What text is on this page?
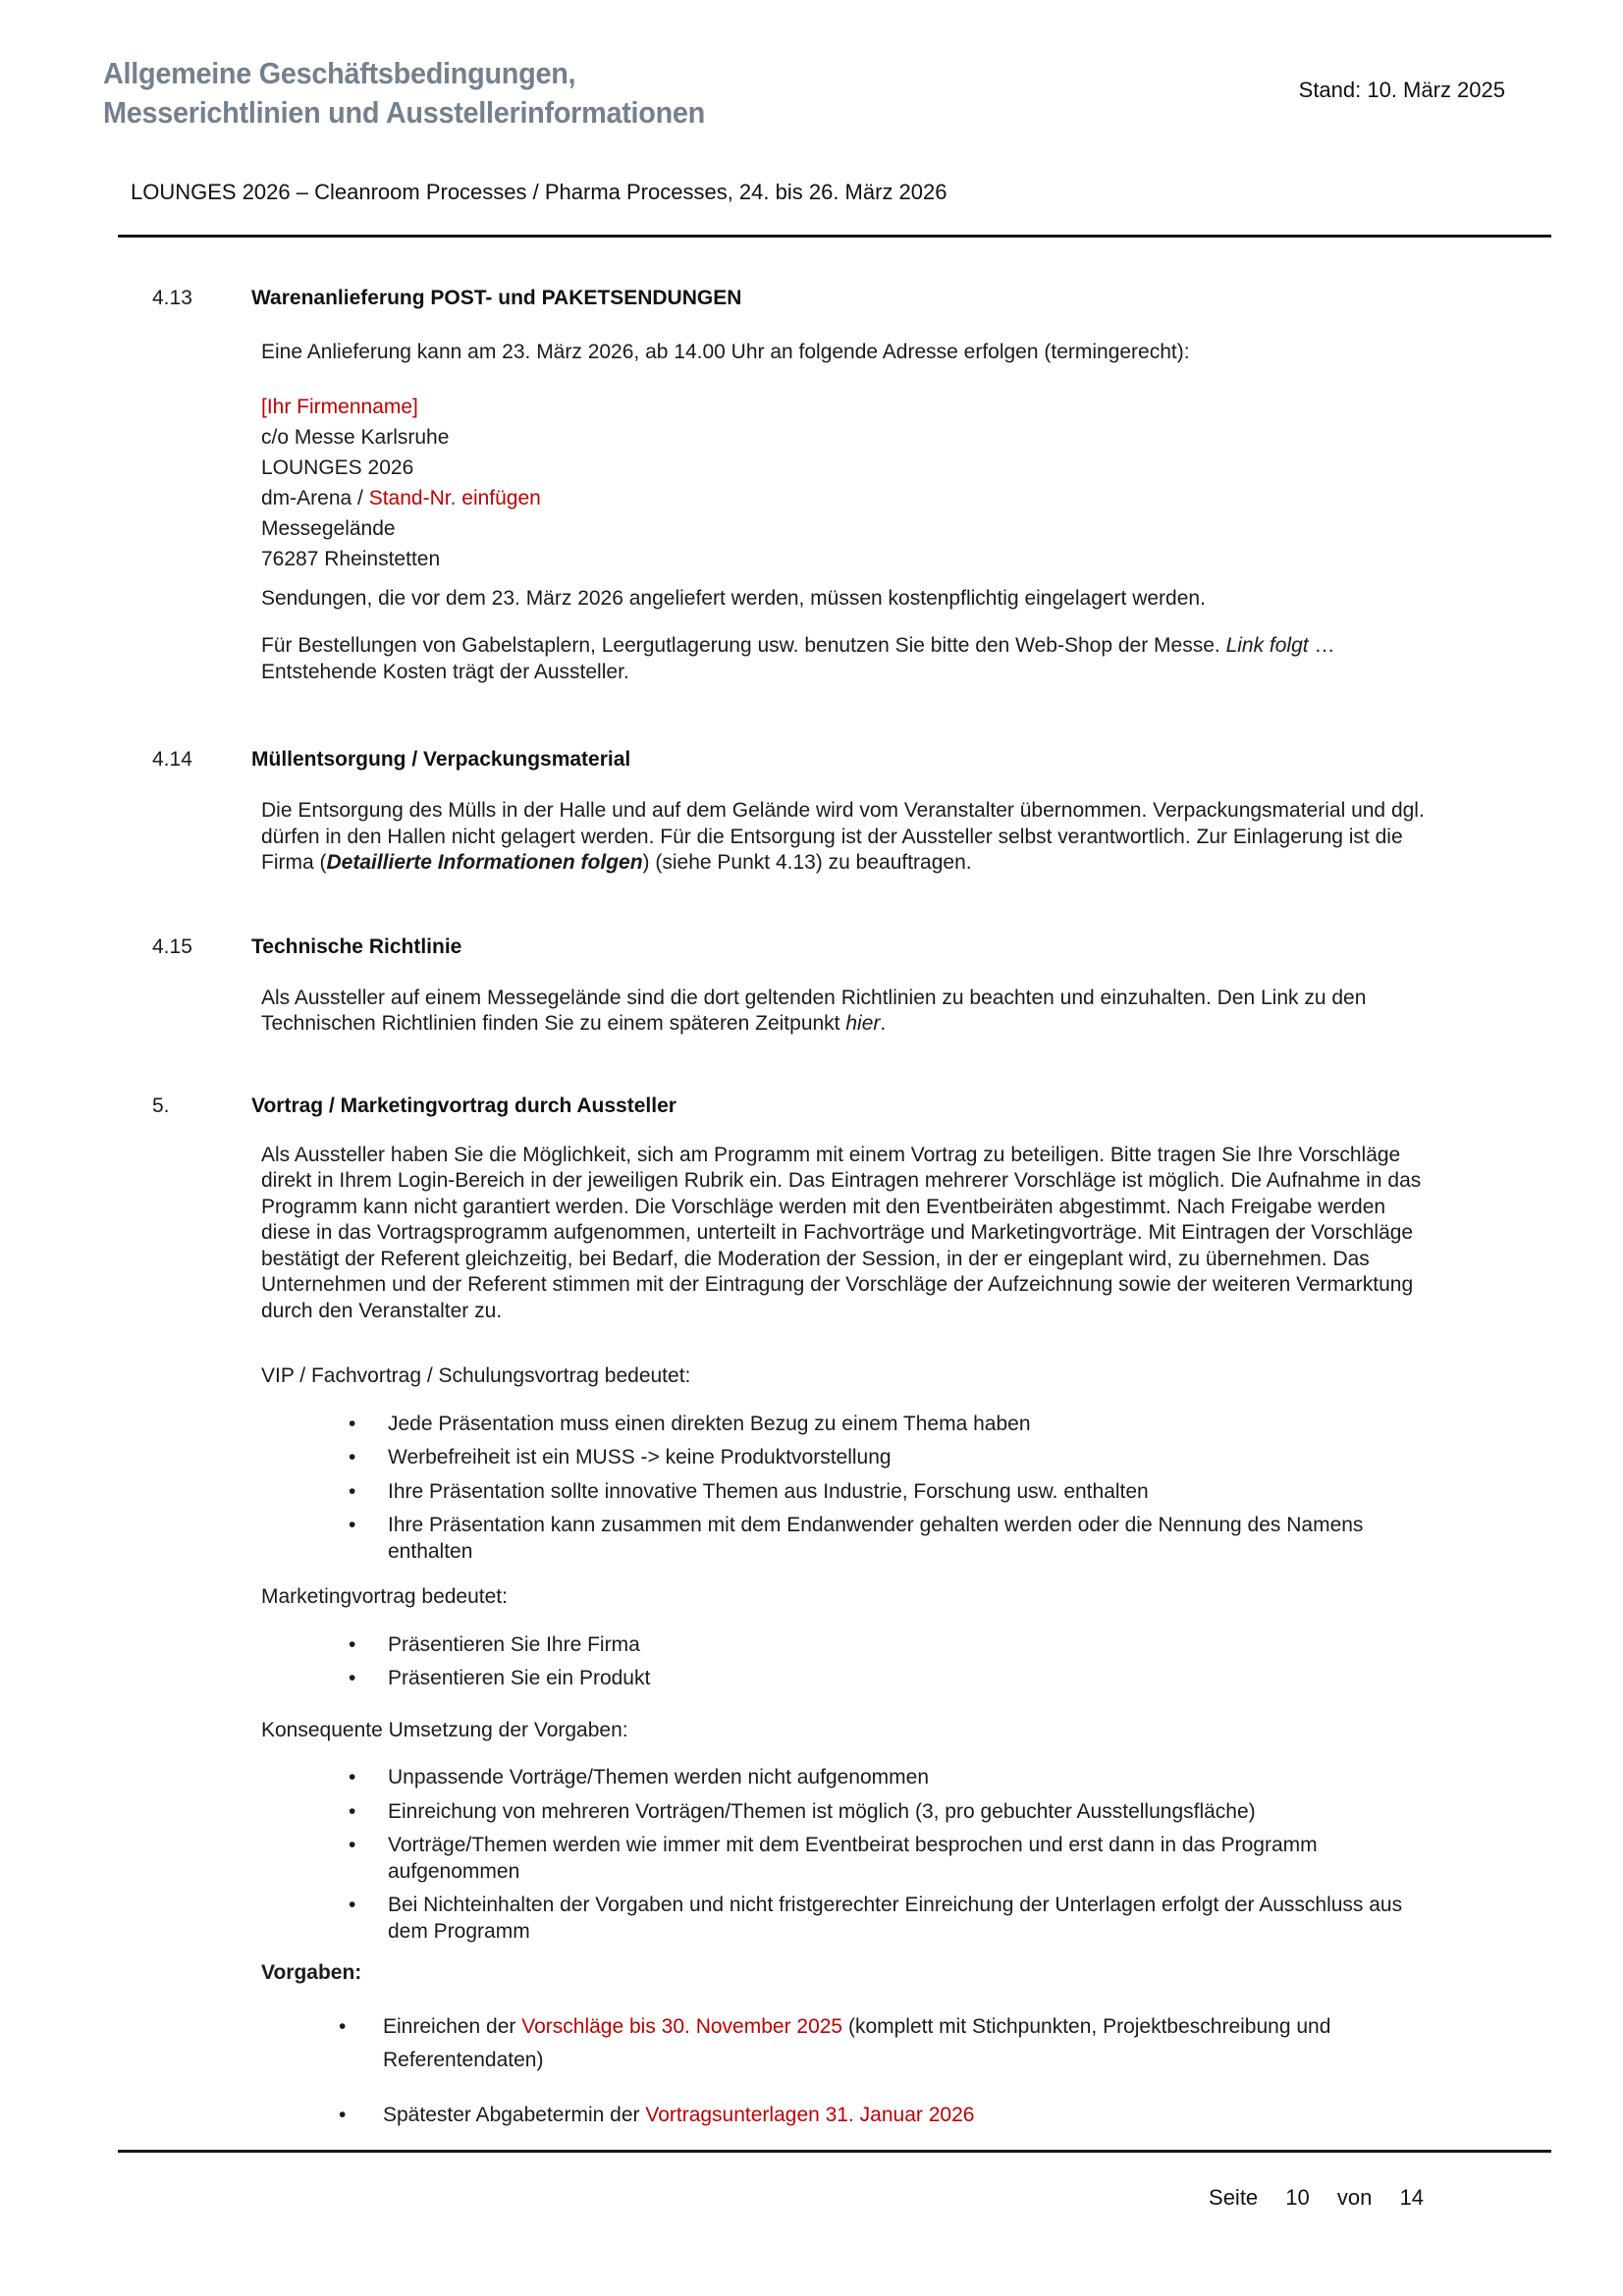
Allgemeine Geschäftsbedingungen,
Messerichtlinien und Ausstellerinformationen
Stand: 10. März 2025
LOUNGES 2026 – Cleanroom Processes / Pharma Processes, 24. bis 26. März 2026
4.13	Warenanlieferung POST- und PAKETSENDUNGEN

Eine Anlieferung kann am 23. März 2026, ab 14.00 Uhr an folgende Adresse erfolgen (termingerecht):

[Ihr Firmenname]

c/o Messe Karlsruhe

LOUNGES 2026

dm-Arena / Stand-Nr. einfügen

Messegelände

76287 Rheinstetten

Sendungen, die vor dem 23. März 2026 angeliefert werden, müssen kostenpflichtig eingelagert werden.

Für Bestellungen von Gabelstaplern, Leergutlagerung usw. benutzen Sie bitte den Web-Shop der Messe. Link folgt … Entstehende Kosten trägt der Aussteller.

4.14	Müllentsorgung / Verpackungsmaterial

Die Entsorgung des Mülls in der Halle und auf dem Gelände wird vom Veranstalter übernommen. Verpackungsmaterial und dgl. dürfen in den Hallen nicht gelagert werden. Für die Entsorgung ist der Aussteller selbst verantwortlich. Zur Einlagerung ist die Firma (Detaillierte Informationen folgen) (siehe Punkt 4.13) zu beauftragen.

4.15	Technische Richtlinie

Als Aussteller auf einem Messegelände sind die dort geltenden Richtlinien zu beachten und einzuhalten. Den Link zu den Technischen Richtlinien finden Sie zu einem späteren Zeitpunkt hier.

5.	Vortrag / Marketingvortrag durch Aussteller

Als Aussteller haben Sie die Möglichkeit, sich am Programm mit einem Vortrag zu beteiligen. Bitte tragen Sie Ihre Vorschläge direkt in Ihrem Login-Bereich in der jeweiligen Rubrik ein. Das Eintragen mehrerer Vorschläge ist möglich. Die Aufnahme in das Programm kann nicht garantiert werden. Die Vorschläge werden mit den Eventbeiräten abgestimmt. Nach Freigabe werden diese in das Vortragsprogramm aufgenommen, unterteilt in Fachvorträge und Marketingvorträge. Mit Eintragen der Vorschläge bestätigt der Referent gleichzeitig, bei Bedarf, die Moderation der Session, in der er eingeplant wird, zu übernehmen. Das Unternehmen und der Referent stimmen mit der Eintragung der Vorschläge der Aufzeichnung sowie der weiteren Vermarktung durch den Veranstalter zu.

VIP / Fachvortrag / Schulungsvortrag bedeutet:

• Jede Präsentation muss einen direkten Bezug zu einem Thema haben
• Werbefreiheit ist ein MUSS -> keine Produktvorstellung
• Ihre Präsentation sollte innovative Themen aus Industrie, Forschung usw. enthalten
• Ihre Präsentation kann zusammen mit dem Endanwender gehalten werden oder die Nennung des Namens enthalten

Marketingvortrag bedeutet:

• Präsentieren Sie Ihre Firma
• Präsentieren Sie ein Produkt

Konsequente Umsetzung der Vorgaben:

• Unpassende Vorträge/Themen werden nicht aufgenommen
• Einreichung von mehreren Vorträgen/Themen ist möglich (3, pro gebuchter Ausstellungsfläche)
• Vorträge/Themen werden wie immer mit dem Eventbeirat besprochen und erst dann in das Programm aufgenommen
• Bei Nichteinhalten der Vorgaben und nicht fristgerechter Einreichung der Unterlagen erfolgt der Ausschluss aus dem Programm

Vorgaben:

• Einreichen der Vorschläge bis 30. November 2025 (komplett mit Stichpunkten, Projektbeschreibung und Referentendaten)
• Spätester Abgabetermin der Vortragsunterlagen 31. Januar 2026
Seite 10 von 14
